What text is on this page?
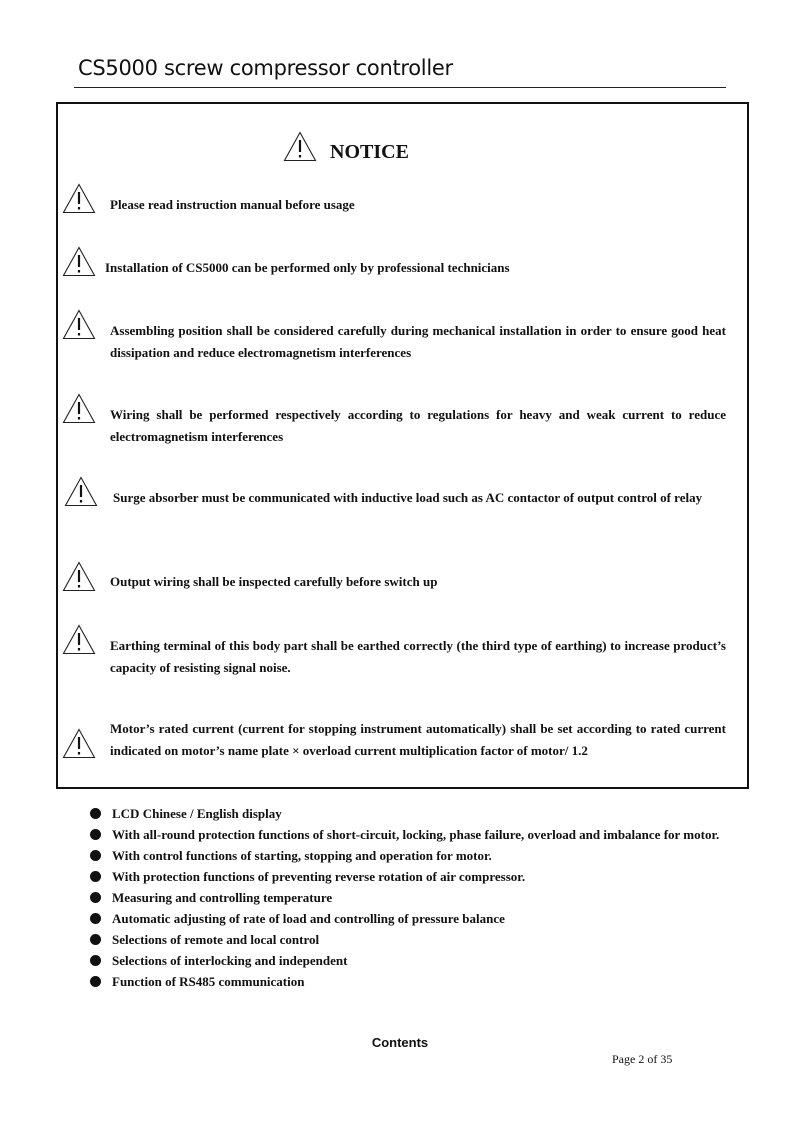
CS5000 screw compressor controller
NOTICE
Please read instruction manual before usage
Installation of CS5000 can be performed only by professional technicians
Assembling position shall be considered carefully during mechanical installation in order to ensure good heat dissipation and reduce electromagnetism interferences
Wiring shall be performed respectively according to regulations for heavy and weak current to reduce electromagnetism interferences
Surge absorber must be communicated with inductive load such as AC contactor of output control of relay
Output wiring shall be inspected carefully before switch up
Earthing terminal of this body part shall be earthed correctly (the third type of earthing) to increase product’s capacity of resisting signal noise.
Motor’s rated current (current for stopping instrument automatically) shall be set according to rated current indicated on motor’s name plate × overload current multiplication factor of motor/ 1.2
LCD Chinese / English display
With all-round protection functions of short-circuit, locking, phase failure, overload and imbalance for motor.
With control functions of starting, stopping and operation for motor.
With protection functions of preventing reverse rotation of air compressor.
Measuring and controlling temperature
Automatic adjusting of rate of load and controlling of pressure balance
Selections of remote and local control
Selections of interlocking and independent
Function of RS485 communication
Contents
Page 2 of 35
